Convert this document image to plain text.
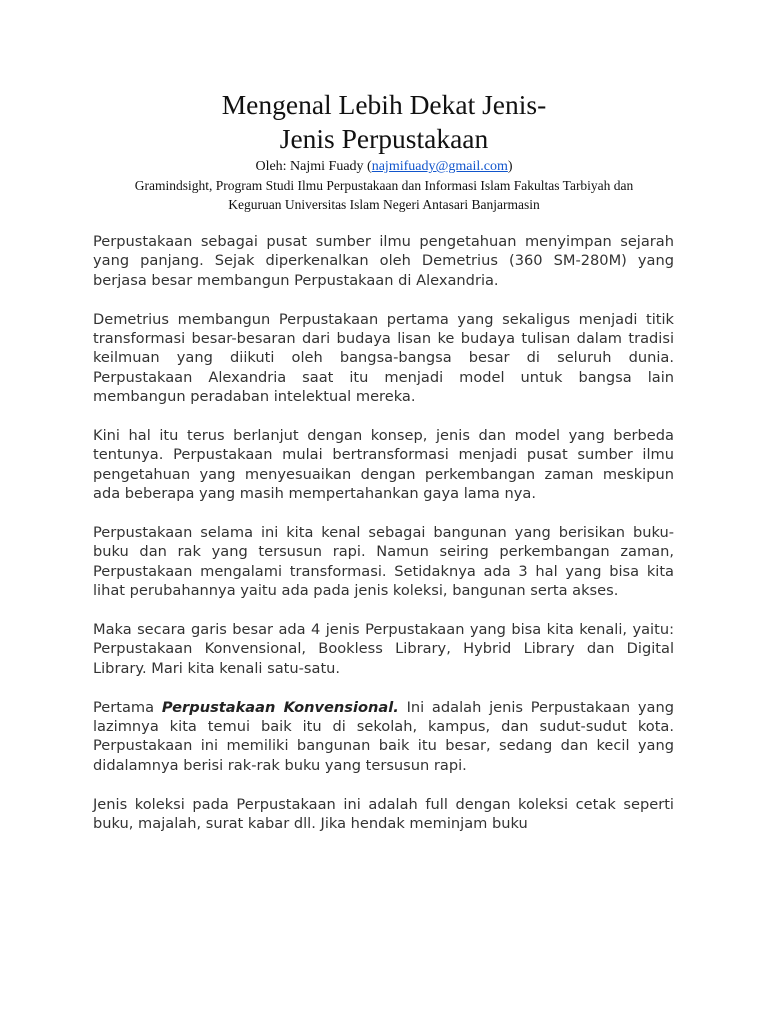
Mengenal Lebih Dekat Jenis-
Jenis Perpustakaan
Oleh: Najmi Fuady (najmifuady@gmail.com)
Gramindsight, Program Studi Ilmu Perpustakaan dan Informasi Islam Fakultas Tarbiyah dan
Keguruan Universitas Islam Negeri Antasari Banjarmasin

Perpustakaan sebagai pusat sumber ilmu pengetahuan menyimpan sejarah yang panjang. Sejak diperkenalkan oleh Demetrius (360 SM-280M) yang berjasa besar membangun Perpustakaan di Alexandria.

Demetrius membangun Perpustakaan pertama yang sekaligus menjadi titik transformasi besar-besaran dari budaya lisan ke budaya tulisan dalam tradisi keilmuan yang diikuti oleh bangsa-bangsa besar di seluruh dunia. Perpustakaan Alexandria saat itu menjadi model untuk bangsa lain membangun peradaban intelektual mereka.

Kini hal itu terus berlanjut dengan konsep, jenis dan model yang berbeda tentunya. Perpustakaan mulai bertransformasi menjadi pusat sumber ilmu pengetahuan yang menyesuaikan dengan perkembangan zaman meskipun ada beberapa yang masih mempertahankan gaya lama nya.

Perpustakaan selama ini kita kenal sebagai bangunan yang berisikan buku-buku dan rak yang tersusun rapi. Namun seiring perkembangan zaman, Perpustakaan mengalami transformasi. Setidaknya ada 3 hal yang bisa kita lihat perubahannya yaitu ada pada jenis koleksi, bangunan serta akses.

Maka secara garis besar ada 4 jenis Perpustakaan yang bisa kita kenali, yaitu: Perpustakaan Konvensional, Bookless Library, Hybrid Library dan Digital Library. Mari kita kenali satu-satu.

Pertama Perpustakaan Konvensional. Ini adalah jenis Perpustakaan yang lazimnya kita temui baik itu di sekolah, kampus, dan sudut-sudut kota. Perpustakaan ini memiliki bangunan baik itu besar, sedang dan kecil yang didalamnya berisi rak-rak buku yang tersusun rapi.

Jenis koleksi pada Perpustakaan ini adalah full dengan koleksi cetak seperti buku, majalah, surat kabar dll. Jika hendak meminjam buku
